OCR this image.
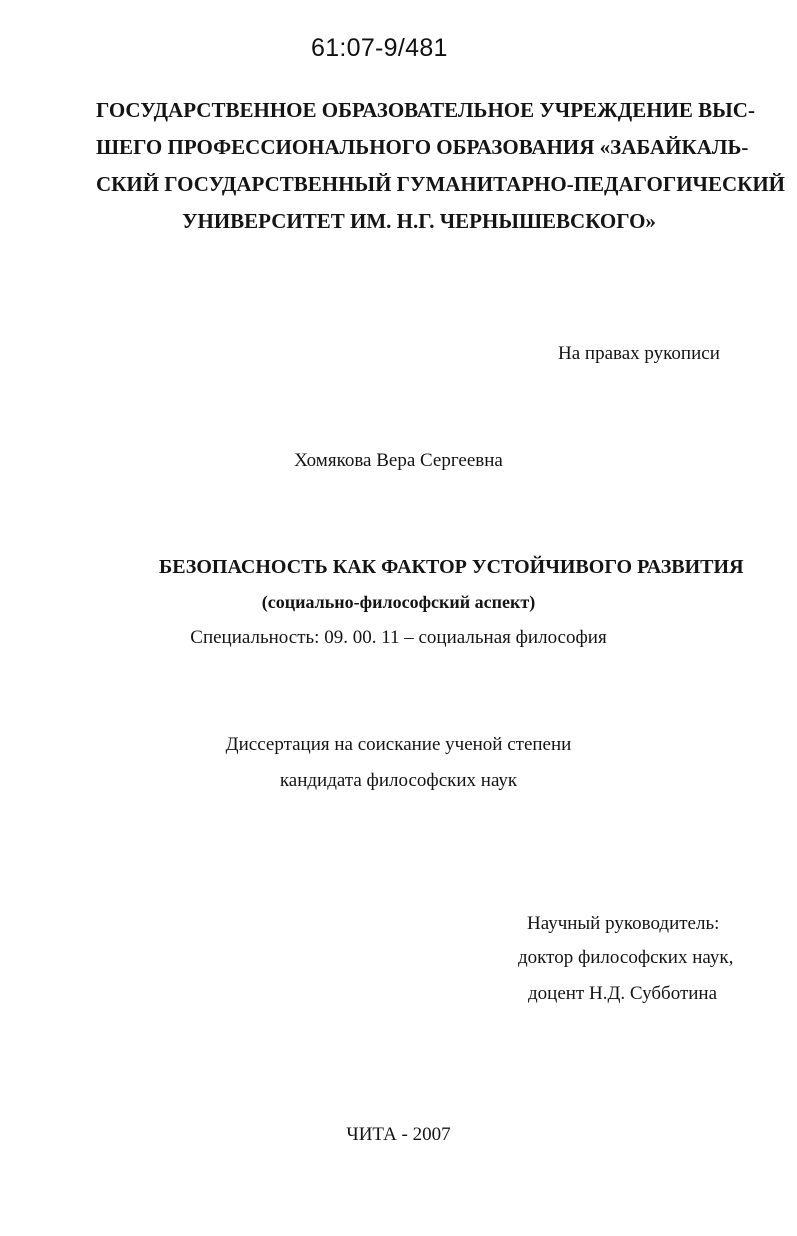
61:07-9/481
ГОСУДАРСТВЕННОЕ ОБРАЗОВАТЕЛЬНОЕ УЧРЕЖДЕНИЕ ВЫС-
ШЕГО ПРОФЕССИОНАЛЬНОГО ОБРАЗОВАНИЯ «ЗАБАЙКАЛЬ-
СКИЙ ГОСУДАРСТВЕННЫЙ ГУМАНИТАРНО-ПЕДАГОГИЧЕСКИЙ
УНИВЕРСИТЕТ ИМ. Н.Г. ЧЕРНЫШЕВСКОГО»
На правах рукописи
Хомякова Вера Сергеевна
БЕЗОПАСНОСТЬ КАК ФАКТОР УСТОЙЧИВОГО РАЗВИТИЯ
(социально-философский аспект)
Специальность: 09. 00. 11 – социальная философия
Диссертация на соискание ученой степени
кандидата философских наук
Научный руководитель:
доктор философских наук,
доцент Н.Д. Субботина
ЧИТА - 2007
